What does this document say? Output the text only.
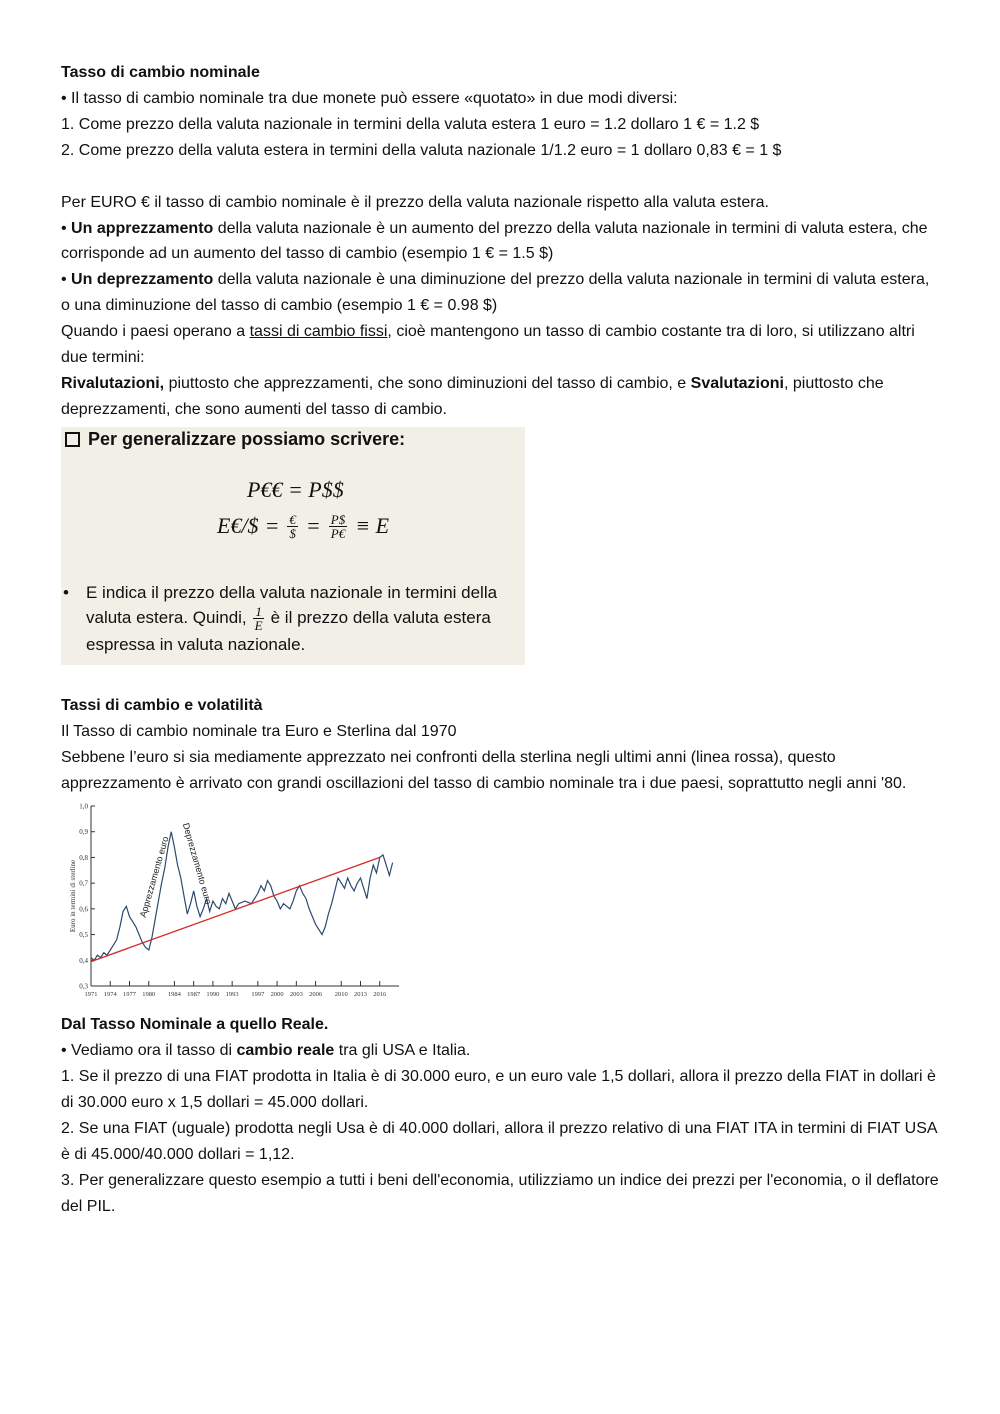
Tasso di cambio nominale

• Il tasso di cambio nominale tra due monete può essere «quotato» in due modi diversi:

1. Come prezzo della valuta nazionale in termini della valuta estera 1 euro = 1.2 dollaro 1 € = 1.2 $

2. Come prezzo della valuta estera in termini della valuta nazionale 1/1.2 euro = 1 dollaro 0,83 € = 1 $

Per EURO € il tasso di cambio nominale è il prezzo della valuta nazionale rispetto alla valuta estera.

• Un apprezzamento della valuta nazionale è un aumento del prezzo della valuta nazionale in termini di valuta estera, che corrisponde ad un aumento del tasso di cambio (esempio 1 € = 1.5 $)

• Un deprezzamento della valuta nazionale è una diminuzione del prezzo della valuta nazionale in termini di valuta estera, o una diminuzione del tasso di cambio (esempio 1 € = 0.98 $)

Quando i paesi operano a tassi di cambio fissi, cioè mantengono un tasso di cambio costante tra di loro, si utilizzano altri due termini:

Rivalutazioni, piuttosto che apprezzamenti, che sono diminuzioni del tasso di cambio, e Svalutazioni, piuttosto che deprezzamenti, che sono aumenti del tasso di cambio.

Per generalizzare possiamo scrivere:
P€€ = P$$
E€/$ = $\frac{€}{\$} = \frac{P\$}{P€} \equiv E$
• E indica il prezzo della valuta nazionale in termini della valuta estera. Quindi, $\frac{1}{E}$ è il prezzo della valuta estera espressa in valuta nazionale.

Tassi di cambio e volatilità

Il Tasso di cambio nominale tra Euro e Sterlina dal 1970

Sebbene l’euro si sia mediamente apprezzato nei confronti della sterlina negli ultimi anni (linea rossa), questo apprezzamento è arrivato con grandi oscillazioni del tasso di cambio nominale tra i due paesi, soprattutto negli anni '80.

0,3
0,4
0,5
0,6
0,7
0,8
0,9
1,0
1971 1974 1977 1980 1984 1987 1990 1993 1997 2000 2003 2006 2010 2013 2016
Euro in termini di sterline	Apprezzamento euro Deprezzamento euro

Dal Tasso Nominale a quello Reale.

• Vediamo ora il tasso di cambio reale tra gli USA e Italia.

1. Se il prezzo di una FIAT prodotta in Italia è di 30.000 euro, e un euro vale 1,5 dollari, allora il prezzo della FIAT in dollari è di 30.000 euro x 1,5 dollari = 45.000 dollari.

2. Se una FIAT (uguale) prodotta negli Usa è di 40.000 dollari, allora il prezzo relativo di una FIAT ITA in termini di FIAT USA è di 45.000/40.000 dollari = 1,12.

3. Per generalizzare questo esempio a tutti i beni dell'economia, utilizziamo un indice dei prezzi per l'economia, o il deflatore del PIL.
